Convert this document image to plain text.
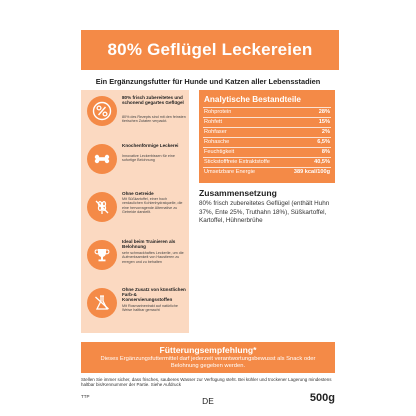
80% Geflügel Leckereien
Ein Ergänzungsfutter für Hunde und Katzen aller Lebensstadien
80% frisch zubereitetes und schonend gegartes Geflügel
80% des Rezepts sind mit den feinsten tierischen Zutaten verpackt.
Knochenförmige Leckerei
Innovative Leckerbissen für eine sofortige Belohnung
Ohne Getreide
Mit Süßkartoffel, einer hoch verdaulichen Kohlenhydratquelle, die eine hervorragende Alternative zu Getreide darstellt.
Ideal beim Trainieren als Belohnung
sehr schmackhaftes Leckerlie, um die Aufmerksamkeit von Haustieren zu erregen und zu behalten
Ohne Zusatz von künstlichen Farb-& Konservierungsstoffen
Mit Rosmarinextrakt auf natürliche Weise haltbar gemacht
Analytische Bestandteile
Rohprotein	28%
Rohfett	15%
Rohfaser	2%
Rohasche	6,5%
Feuchtigkeit	8%
Stickstofffreie Extraktstoffe	40,5%
Umsetzbare Energie	389 kcal/100g
Zusammensetzung
80% frisch zubereitetes Geflügel (enthält Huhn 37%, Ente 25%, Truthahn 18%), Süßkartoffel, Kartoffel, Hühnerbrühe
Fütterungsempfehlung*
Dieses Ergänzungsfuttermittel darf jederzeit verantwortungsbewusst als Snack oder Belohnung gegeben werden.
Stellen Sie immer sicher, dass frisches, sauberes Wasser zur Verfügung steht. Bei kühler und trockener Lagerung mindestens haltbar bis/Kennummer der Partie. Siehe Aufdruck
TTP	DE	500g
